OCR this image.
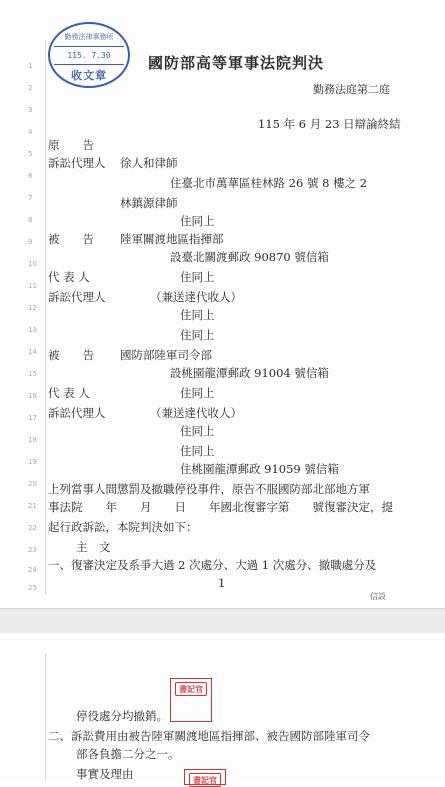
勤務法律事務所
115. 7.30
收文章
1
2
3
4
5
6
7
8
9
10
11
12
13
14
15
16
17
18
19
20
21
22
23
24
25
國防部高等軍事法院判決
勤務法庭第二庭
115 年 6 月 23 日辯論終結
原　　告
訴訟代理人 徐人和律師
住臺北市萬華區桂林路 26 號 8 樓之 2
林鎮源律師
住同上
被　　告 陸軍關渡地區指揮部
設臺北關渡郵政 90870 號信箱
代 表 人	住同上
訴訟代理人	（兼送達代收人）
住同上
住同上
被　　告 國防部陸軍司令部
設桃園龍潭郵政 91004 號信箱
代 表 人	住同上
訴訟代理人	（兼送達代收人）
住同上
住同上
住桃園龍潭郵政 91059 號信箱
上列當事人間懲罰及撤職停役事件，原告不服國防部北部地方軍
事法院　　年　　月　　日　　年國北復審字第　　號復審決定，提
起行政訴訟，本院判決如下：
主　文
一、復審決定及系爭大過 2 次處分、大過 1 次處分、撤職處分及
1
信設
書記官
書記官
停役處分均撤銷。
二、訴訟費用由被告陸軍關渡地區指揮部、被告國防部陸軍司令
部各負擔二分之一。
事實及理由
